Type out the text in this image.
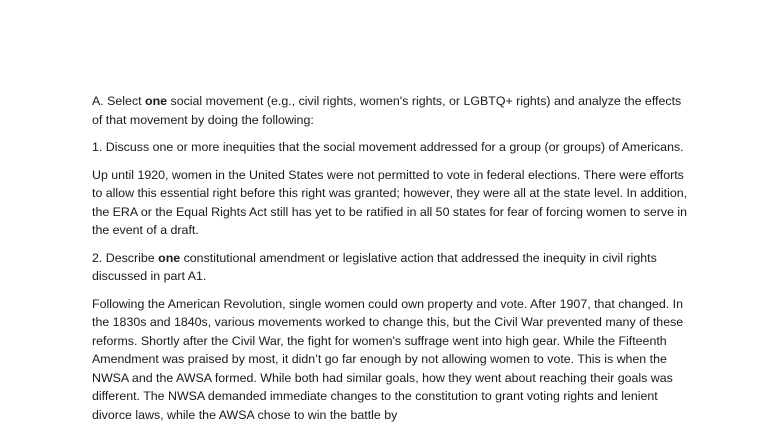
A. Select one social movement (e.g., civil rights, women's rights, or LGBTQ+ rights) and analyze the effects of that movement by doing the following:

1. Discuss one or more inequities that the social movement addressed for a group (or groups) of Americans.

Up until 1920, women in the United States were not permitted to vote in federal elections. There were efforts to allow this essential right before this right was granted; however, they were all at the state level. In addition, the ERA or the Equal Rights Act still has yet to be ratified in all 50 states for fear of forcing women to serve in the event of a draft.

2. Describe one constitutional amendment or legislative action that addressed the inequity in civil rights discussed in part A1.

Following the American Revolution, single women could own property and vote. After 1907, that changed. In the 1830s and 1840s, various movements worked to change this, but the Civil War prevented many of these reforms. Shortly after the Civil War, the fight for women's suffrage went into high gear. While the Fifteenth Amendment was praised by most, it didn’t go far enough by not allowing women to vote. This is when the NWSA and the AWSA formed. While both had similar goals, how they went about reaching their goals was different. The NWSA demanded immediate changes to the constitution to grant voting rights and lenient divorce laws, while the AWSA chose to win the battle by
